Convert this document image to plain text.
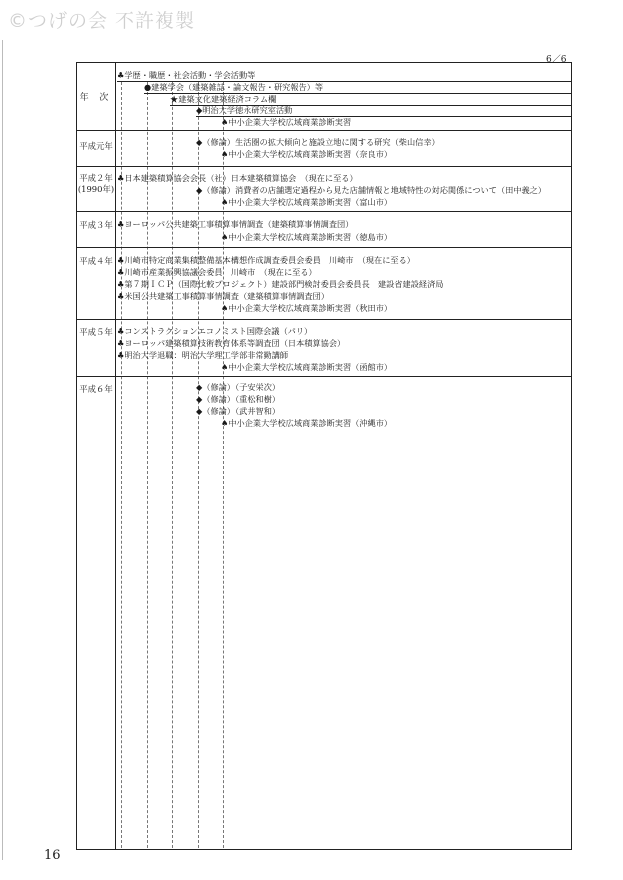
©つげの会 不許複製
6／6
年 次
♣学歴・職歴・社会活動・学会活動等
●建築学会（建築雑誌・論文報告・研究報告）等
★建築文化建築経済コラム欄
◆明治大学徳永研究室活動
♠中小企業大学校広域商業診断実習
平成元年	◆（修論）生活圏の拡大傾向と施設立地に関する研究（柴山信幸）
♠中小企業大学校広域商業診断実習（奈良市）
平成２年
(1990年)
♣日本建築積算協会会長（社）日本建築積算協会　（現在に至る）
◆（修論）消費者の店舗選定過程から見た店舗情報と地域特性の対応関係について（田中義之）
♠中小企業大学校広域商業診断実習（富山市）
平成３年 ♣ヨーロッパ公共建築工事積算事情調査（建築積算事情調査団）
♠中小企業大学校広域商業診断実習（徳島市）
平成４年 ♣川崎市特定商業集積整備基本構想作成調査委員会委員　川崎市　（現在に至る）
♣川崎市産業振興協議会委員　川崎市　（現在に至る）
♣第７期ＩＣＰ（国際比較プロジェクト）建設部門検討委員会委員長　建設省建設経済局
♣米国公共建築工事積算事情調査（建築積算事情調査団）
♠中小企業大学校広域商業診断実習（秋田市）
平成５年 ♣コンストラクションエコノミスト国際会議（パリ）
♣ヨーロッパ建築積算技術教育体系等調査団（日本積算協会）
♣明治大学退職：明治大学理工学部非常勤講師
♠中小企業大学校広域商業診断実習（函館市）
平成６年	◆（修論）（子安栄次）
◆（修論）（重松和樹）
◆（修論）（武井智和）
♠中小企業大学校広域商業診断実習（沖縄市）
16
